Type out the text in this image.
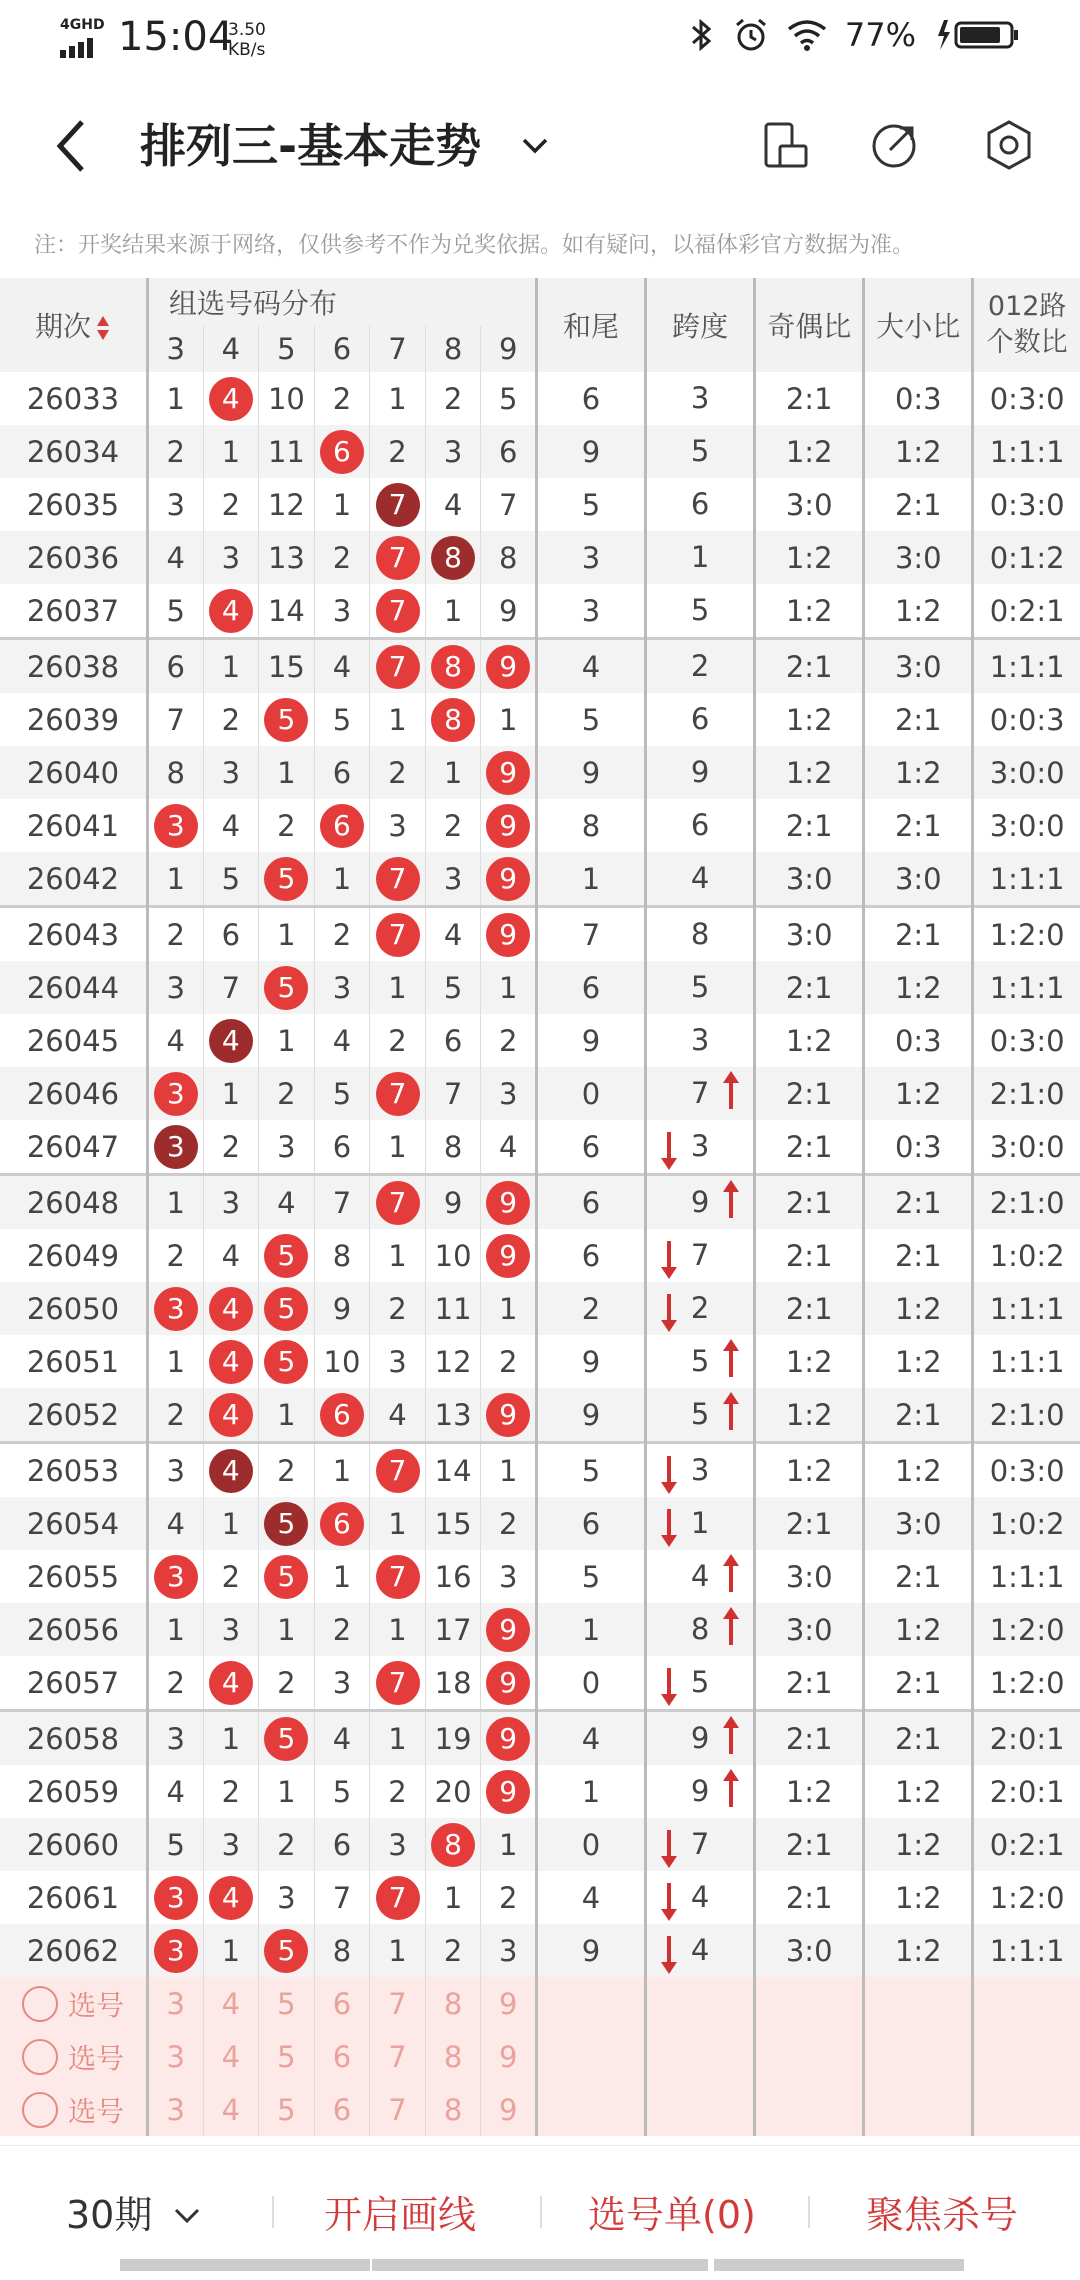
4GHD 15:04
3.50
KB/s	77%
排列三-基本走势
注：开奖结果来源于网络，仅供参考不作为兑奖依据。如有疑问，以福体彩官方数据为准。
期次	组选号码分布							和尾	跨度	奇偶比	大小比	012路
个数比

	3	4	5	6	7	8	9					
26033	1	4	10	2	1	2	5	6	3	2:1	0:3	0:3:0
26034	2	1	11	6	2	3	6	9	5	1:2	1:2	1:1:1
26035	3	2	12	1	7	4	7	5	6	3:0	2:1	0:3:0
26036	4	3	13	2	7	8	8	3	1	1:2	3:0	0:1:2
26037	5	4	14	3	7	1	9	3	5	1:2	1:2	0:2:1
26038	6	1	15	4	7	8	9	4	2	2:1	3:0	1:1:1
26039	7	2	5	5	1	8	1	5	6	1:2	2:1	0:0:3
26040	8	3	1	6	2	1	9	9	9	1:2	1:2	3:0:0
26041	3	4	2	6	3	2	9	8	6	2:1	2:1	3:0:0
26042	1	5	5	1	7	3	9	1	4	3:0	3:0	1:1:1
26043	2	6	1	2	7	4	9	7	8	3:0	2:1	1:2:0
26044	3	7	5	3	1	5	1	6	5	2:1	1:2	1:1:1
26045	4	4	1	4	2	6	2	9	3	1:2	0:3	0:3:0
26046	3	1	2	5	7	7	3	0	7	2:1	1:2	2:1:0
26047	3	2	3	6	1	8	4	6	3	2:1	0:3	3:0:0
26048	1	3	4	7	7	9	9	6	9	2:1	2:1	2:1:0
26049	2	4	5	8	1	10	9	6	7	2:1	2:1	1:0:2
26050	3	4	5	9	2	11	1	2	2	2:1	1:2	1:1:1
26051	1	4	5	10	3	12	2	9	5	1:2	1:2	1:1:1
26052	2	4	1	6	4	13	9	9	5	1:2	2:1	2:1:0
26053	3	4	2	1	7	14	1	5	3	1:2	1:2	0:3:0
26054	4	1	5	6	1	15	2	6	1	2:1	3:0	1:0:2
26055	3	2	5	1	7	16	3	5	4	3:0	2:1	1:1:1
26056	1	3	1	2	1	17	9	1	8	3:0	1:2	1:2:0
26057	2	4	2	3	7	18	9	0	5	2:1	2:1	1:2:0
26058	3	1	5	4	1	19	9	4	9	2:1	2:1	2:0:1
26059	4	2	1	5	2	20	9	1	9	1:2	1:2	2:0:1
26060	5	3	2	6	3	8	1	0	7	2:1	1:2	0:2:1
26061	3	4	3	7	7	1	2	4	4	2:1	1:2	1:2:0
26062	3	1	5	8	1	2	3	9	4	3:0	1:2	1:1:1
选号	3	4	5	6	7	8	9					
选号	3	4	5	6	7	8	9					
选号	3	4	5	6	7	8	9					
30期	开启画线	选号单(0)	聚焦杀号
